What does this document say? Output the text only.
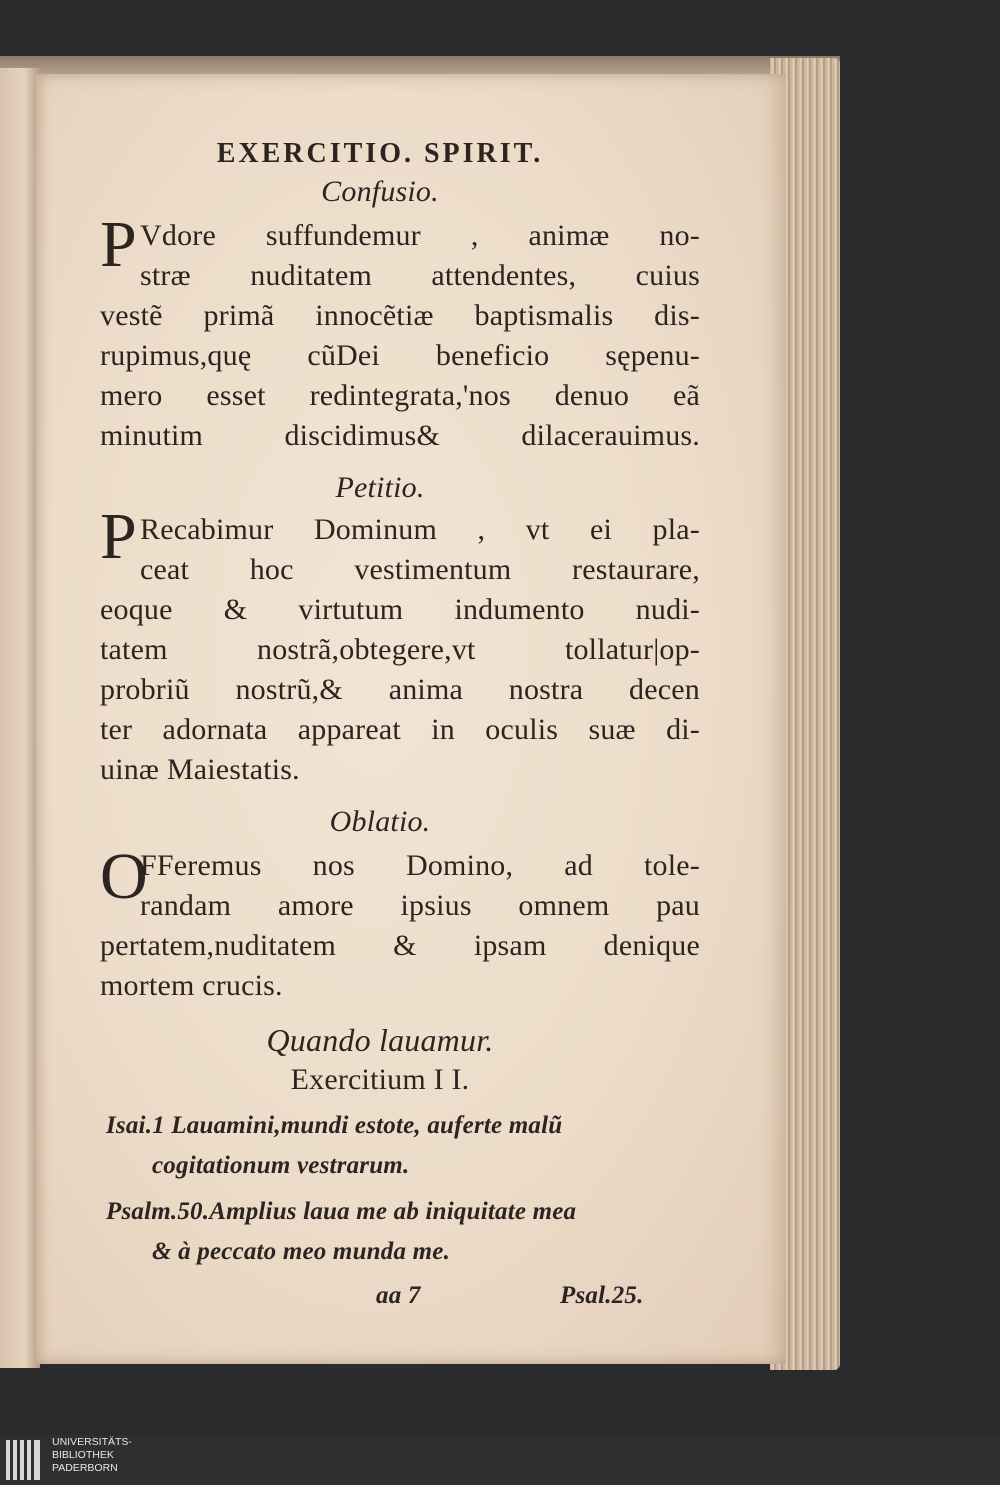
EXERCITIO. SPIRIT.
Confusio.
P Vdore suffundemur , animæ no-
stræ nuditatem attendentes, cuius
vestẽ primã innocẽtiæ baptismalis dis-
rupimus,quę cũDei beneficio sępenu-
mero esset redintegrata,'nos denuo eã
minutim discidimus& dilacerauimus.
Petitio.
P Recabimur Dominum , vt ei pla-
ceat hoc vestimentum restaurare,
eoque & virtutum indumento nudi-
tatem nostrã,obtegere,vt tollatur|op-
probriũ nostrũ,& anima nostra decen
ter adornata appareat in oculis suæ di-
uinæ Maiestatis.
Oblatio.
O
FFeremus nos Domino, ad tole-
randam amore ipsius omnem pau
pertatem,nuditatem & ipsam denique
mortem crucis.
Quando lauamur.
Exercitium I I.
Isai.1 Lauamini,mundi estote, auferte malũ
cogitationum vestrarum.
Psalm.50.Amplius laua me ab iniquitate mea
& à peccato meo munda me.
aa 7	Psal.25.
UNIVERSITÄTS-
BIBLIOTHEK
PADERBORN
